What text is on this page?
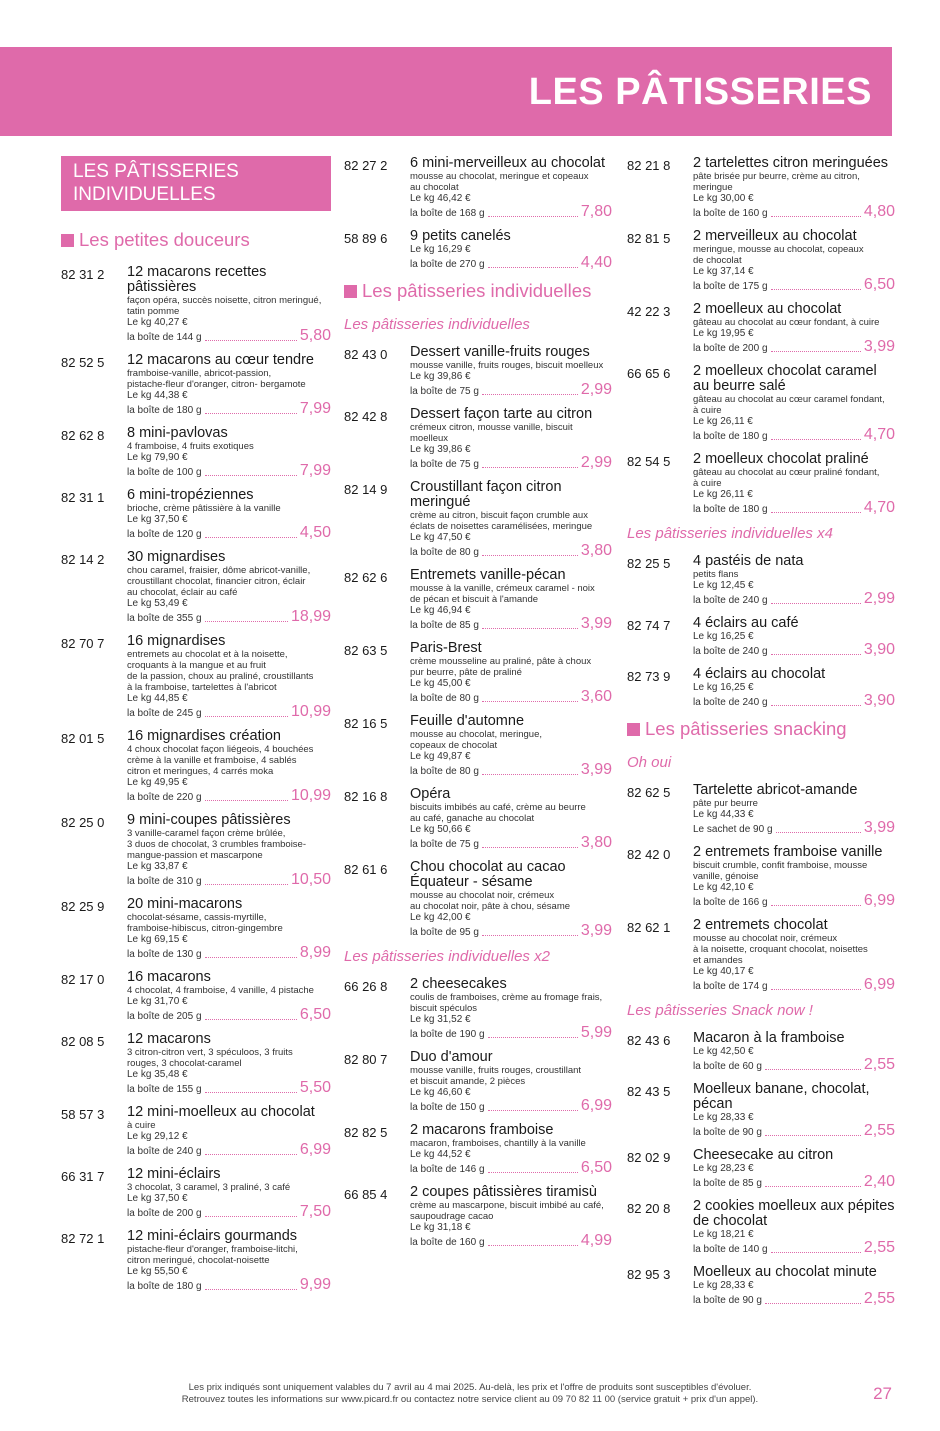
LES PÂTISSERIES
LES PÂTISSERIES
INDIVIDUELLES
Les petites douceurs
82 31 2	12 macarons recettes pâtissières
façon opéra, succès noisette, citron meringué,
tatin pomme
Le kg 40,27 €
la boîte de 144 g	5,80
82 52 5	12 macarons au cœur tendre
framboise-vanille, abricot-passion,
pistache-fleur d'oranger, citron- bergamote
Le kg 44,38 €
la boîte de 180 g	7,99
82 62 8	8 mini-pavlovas
4 framboise, 4 fruits exotiques
Le kg 79,90 €
la boîte de 100 g	7,99
82 31 1	6 mini-tropéziennes
brioche, crème pâtissière à la vanille
Le kg 37,50 €
la boîte de 120 g	4,50
82 14 2	30 mignardises
chou caramel, fraisier, dôme abricot-vanille,
croustillant chocolat, financier citron, éclair
au chocolat, éclair au café
Le kg 53,49 €
la boîte de 355 g	18,99
82 70 7	16 mignardises
entremets au chocolat et à la noisette,
croquants à la mangue et au fruit
de la passion, choux au praliné, croustillants
à la framboise, tartelettes à l'abricot
Le kg 44,85 €
la boîte de 245 g	10,99
82 01 5	16 mignardises création
4 choux chocolat façon liégeois, 4 bouchées
crème à la vanille et framboise, 4 sablés
citron et meringues, 4 carrés moka
Le kg 49,95 €
la boîte de 220 g	10,99
82 25 0	9 mini-coupes pâtissières
3 vanille-caramel façon crème brûlée,
3 duos de chocolat, 3 crumbles framboise-
mangue-passion et mascarpone
Le kg 33,87 €
la boîte de 310 g	10,50
82 25 9	20 mini-macarons
chocolat-sésame, cassis-myrtille,
framboise-hibiscus, citron-gingembre
Le kg 69,15 €
la boîte de 130 g	8,99
82 17 0	16 macarons
4 chocolat, 4 framboise, 4 vanille, 4 pistache
Le kg 31,70 €
la boîte de 205 g	6,50
82 08 5	12 macarons
3 citron-citron vert, 3 spéculoos, 3 fruits
rouges, 3 chocolat-caramel
Le kg 35,48 €
la boîte de 155 g	5,50
58 57 3	12 mini-moelleux au chocolat
à cuire
Le kg 29,12 €
la boîte de 240 g	6,99
66 31 7	12 mini-éclairs
3 chocolat, 3 caramel, 3 praliné, 3 café
Le kg 37,50 €
la boîte de 200 g	7,50
82 72 1	12 mini-éclairs gourmands
pistache-fleur d'oranger, framboise-litchi,
citron meringué, chocolat-noisette
Le kg 55,50 €
la boîte de 180 g	9,99
82 27 2	6 mini-merveilleux au chocolat
mousse au chocolat, meringue et copeaux
au chocolat
Le kg 46,42 €
la boîte de 168 g	7,80
58 89 6	9 petits canelés
Le kg 16,29 €
la boîte de 270 g	4,40
Les pâtisseries individuelles
Les pâtisseries individuelles
82 43 0	Dessert vanille-fruits rouges
mousse vanille, fruits rouges, biscuit moelleux
Le kg 39,86 €
la boîte de 75 g	2,99
82 42 8	Dessert façon tarte au citron
crémeux citron, mousse vanille, biscuit
moelleux
Le kg 39,86 €
la boîte de 75 g	2,99
82 14 9	Croustillant façon citron
meringué
crème au citron, biscuit façon crumble aux
éclats de noisettes caramélisées, meringue
Le kg 47,50 €
la boîte de 80 g	3,80
82 62 6	Entremets vanille-pécan
mousse à la vanille, crémeux caramel - noix
de pécan et biscuit à l'amande
Le kg 46,94 €
la boîte de 85 g	3,99
82 63 5	Paris-Brest
crème mousseline au praliné, pâte à choux
pur beurre, pâte de praliné
Le kg 45,00 €
la boîte de 80 g	3,60
82 16 5	Feuille d'automne
mousse au chocolat, meringue,
copeaux de chocolat
Le kg 49,87 €
la boîte de 80 g	3,99
82 16 8	Opéra
biscuits imbibés au café, crème au beurre
au café, ganache au chocolat
Le kg 50,66 €
la boîte de 75 g	3,80
82 61 6	Chou chocolat au cacao
Équateur - sésame
mousse au chocolat noir, crémeux
au chocolat noir, pâte à chou, sésame
Le kg 42,00 €
la boîte de 95 g	3,99
Les pâtisseries individuelles x2
66 26 8	2 cheesecakes
coulis de framboises, crème au fromage frais,
biscuit spéculos
Le kg 31,52 €
la boîte de 190 g	5,99
82 80 7	Duo d'amour
mousse vanille, fruits rouges, croustillant
et biscuit amande, 2 pièces
Le kg 46,60 €
la boîte de 150 g	6,99
82 82 5	2 macarons framboise
macaron, framboises, chantilly à la vanille
Le kg 44,52 €
la boîte de 146 g	6,50
66 85 4	2 coupes pâtissières tiramisù
crème au mascarpone, biscuit imbibé au café,
saupoudrage cacao
Le kg 31,18 €
la boîte de 160 g	4,99
82 21 8	2 tartelettes citron meringuées
pâte brisée pur beurre, crème au citron,
meringue
Le kg 30,00 €
la boîte de 160 g	4,80
82 81 5	2 merveilleux au chocolat
meringue, mousse au chocolat, copeaux
de chocolat
Le kg 37,14 €
la boîte de 175 g	6,50
42 22 3	2 moelleux au chocolat
gâteau au chocolat au cœur fondant, à cuire
Le kg 19,95 €
la boîte de 200 g	3,99
66 65 6	2 moelleux chocolat caramel
au beurre salé
gâteau au chocolat au cœur caramel fondant,
à cuire
Le kg 26,11 €
la boîte de 180 g	4,70
82 54 5	2 moelleux chocolat praliné
gâteau au chocolat au cœur praliné fondant,
à cuire
Le kg 26,11 €
la boîte de 180 g	4,70
Les pâtisseries individuelles x4
82 25 5	4 pastéis de nata
petits flans
Le kg 12,45 €
la boîte de 240 g	2,99
82 74 7	4 éclairs au café
Le kg 16,25 €
la boîte de 240 g	3,90
82 73 9	4 éclairs au chocolat
Le kg 16,25 €
la boîte de 240 g	3,90
Les pâtisseries snacking
Oh oui
82 62 5	Tartelette abricot-amande
pâte pur beurre
Le kg 44,33 €
Le sachet de 90 g	3,99
82 42 0	2 entremets framboise vanille
biscuit crumble, confit framboise, mousse
vanille, génoise
Le kg 42,10 €
la boîte de 166 g	6,99
82 62 1	2 entremets chocolat
mousse au chocolat noir, crémeux
à la noisette, croquant chocolat, noisettes
et amandes
Le kg 40,17 €
la boîte de 174 g	6,99
Les pâtisseries Snack now !
82 43 6	Macaron à la framboise
Le kg 42,50 €
la boîte de 60 g	2,55
82 43 5	Moelleux banane, chocolat,
pécan
Le kg 28,33 €
la boîte de 90 g	2,55
82 02 9	Cheesecake au citron
Le kg 28,23 €
la boîte de 85 g	2,40
82 20 8	2 cookies moelleux aux pépites
de chocolat
Le kg 18,21 €
la boîte de 140 g	2,55
82 95 3	Moelleux au chocolat minute
Le kg 28,33 €
la boîte de 90 g	2,55
Les prix indiqués sont uniquement valables du 7 avril au 4 mai 2025. Au-delà, les prix et l'offre de produits sont susceptibles d'évoluer.
Retrouvez toutes les informations sur www.picard.fr ou contactez notre service client au 09 70 82 11 00 (service gratuit + prix d'un appel).	27
